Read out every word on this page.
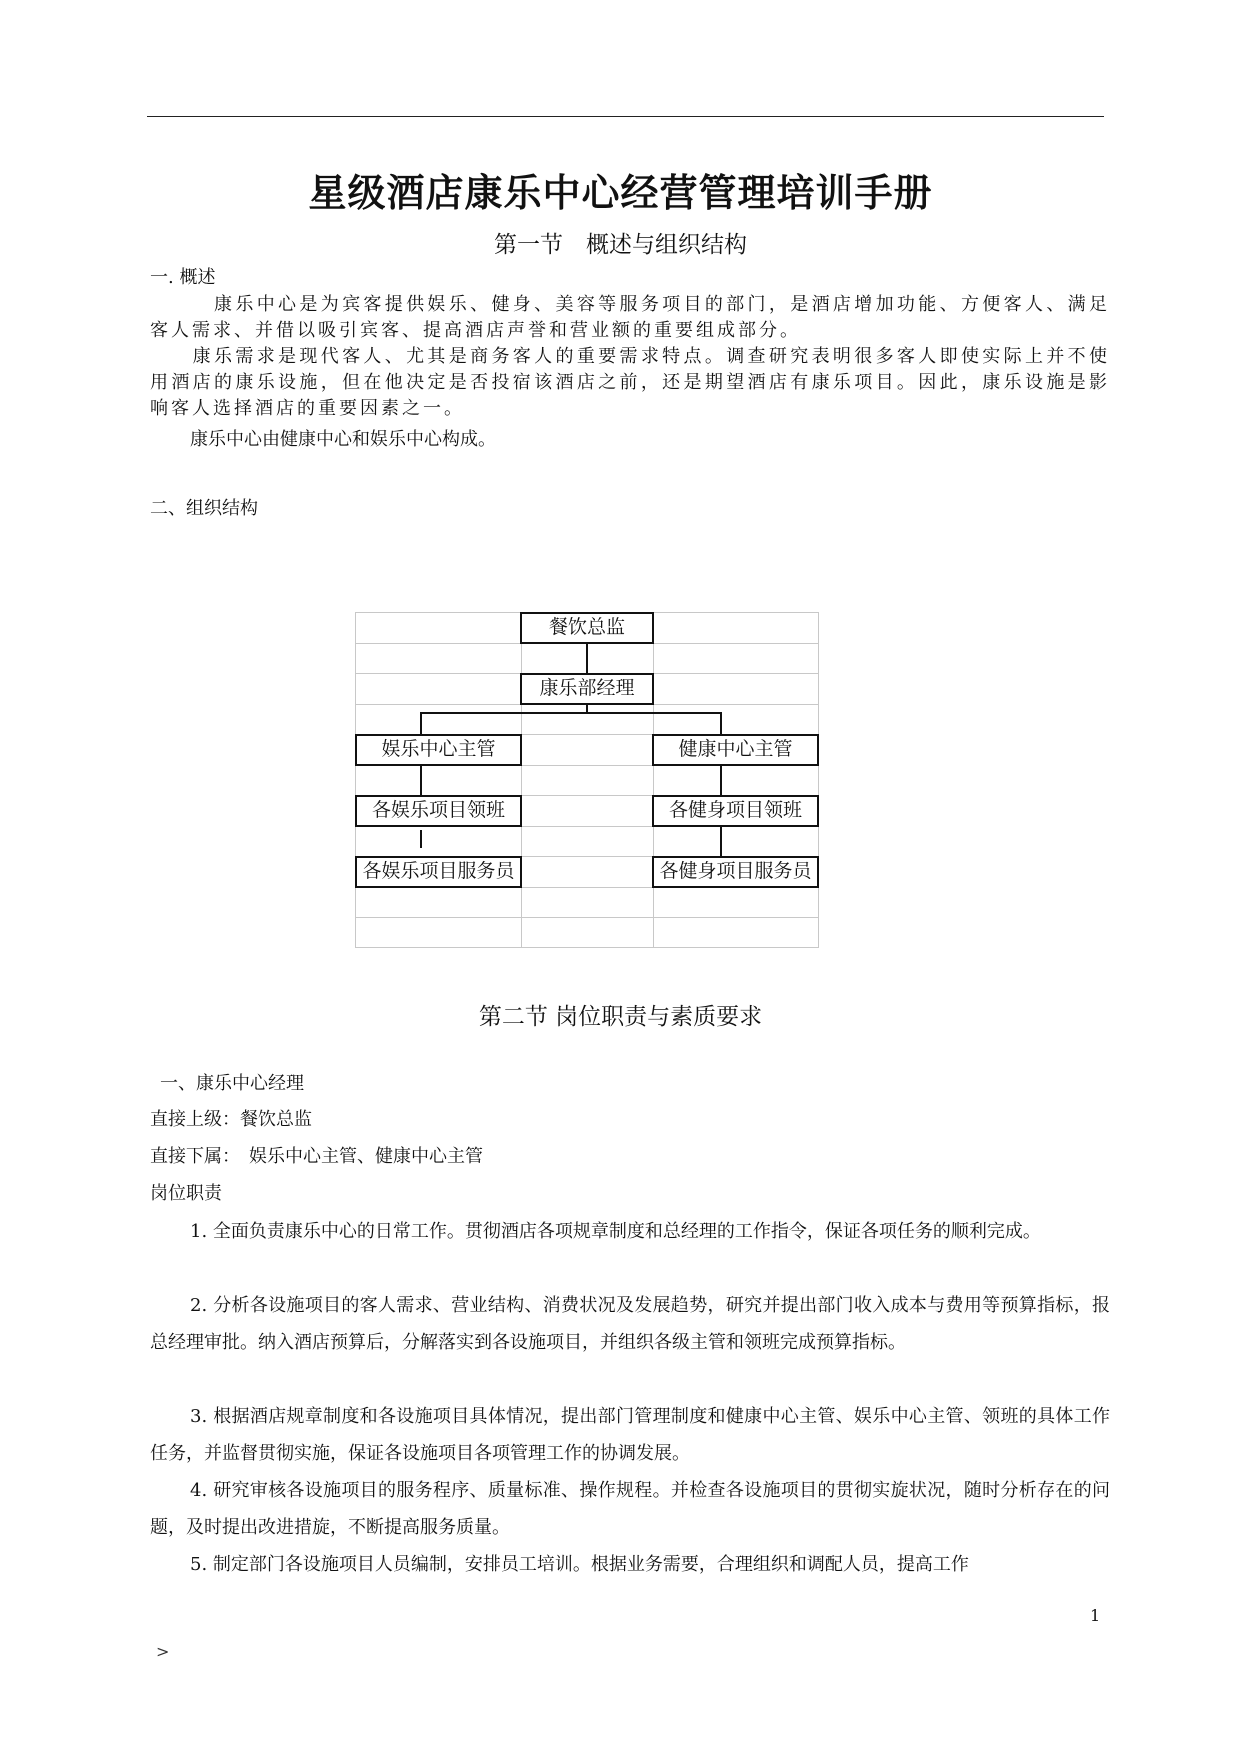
星级酒店康乐中心经营管理培训手册
第一节　概述与组织结构
一. 概述
　　　康乐中心是为宾客提供娱乐、健身、美容等服务项目的部门，是酒店增加功能、方便客人、满足客人需求、并借以吸引宾客、提高酒店声誉和营业额的重要组成部分。
　　康乐需求是现代客人、尤其是商务客人的重要需求特点。调查研究表明很多客人即使实际上并不使用酒店的康乐设施，但在他决定是否投宿该酒店之前，还是期望酒店有康乐项目。因此，康乐设施是影响客人选择酒店的重要因素之一。
康乐中心由健康中心和娱乐中心构成。
二、组织结构
餐饮总监
康乐部经理
娱乐中心主管	健康中心主管
各娱乐项目领班	各健身项目领班
各娱乐项目服务员	各健身项目服务员
第二节 岗位职责与素质要求
一、康乐中心经理
直接上级：餐饮总监
直接下属：　娱乐中心主管、健康中心主管
岗位职责
1. 全面负责康乐中心的日常工作。贯彻酒店各项规章制度和总经理的工作指令，保证各项任务的顺利完成。
2. 分析各设施项目的客人需求、营业结构、消费状况及发展趋势，研究并提出部门收入成本与费用等预算指标，报总经理审批。纳入酒店预算后，分解落实到各设施项目，并组织各级主管和领班完成预算指标。
3. 根据酒店规章制度和各设施项目具体情况，提出部门管理制度和健康中心主管、娱乐中心主管、领班的具体工作任务，并监督贯彻实施，保证各设施项目各项管理工作的协调发展。
4. 研究审核各设施项目的服务程序、质量标准、操作规程。并检查各设施项目的贯彻实旋状况，随时分析存在的问题，及时提出改进措旋，不断提高服务质量。
5. 制定部门各设施项目人员编制，安排员工培训。根据业务需要，合理组织和调配人员，提高工作
1
>
